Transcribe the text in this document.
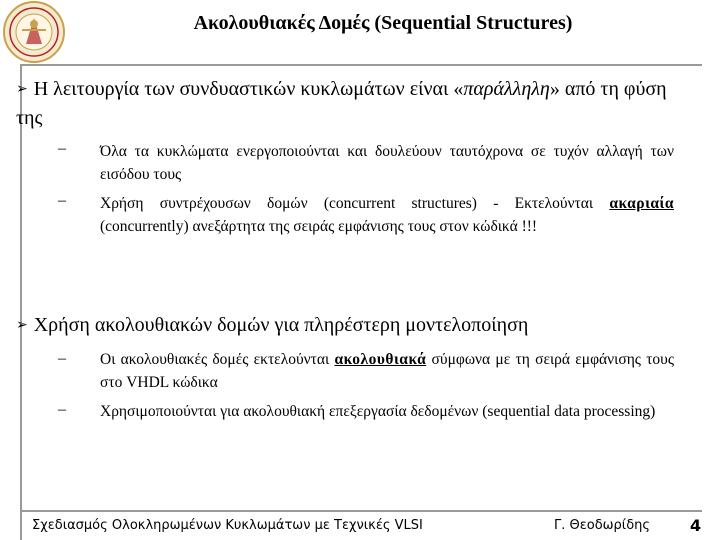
Ακολουθιακές Δομές (Sequential Structures)
➢ Η λειτουργία των συνδυαστικών κυκλωμάτων είναι «παράλληλη» από τη φύση της
– Όλα τα κυκλώματα ενεργοποιούνται και δουλεύουν ταυτόχρονα σε τυχόν αλλαγή των εισόδου τους
– Χρήση συντρέχουσων δομών (concurrent structures) - Εκτελούνται ακαριαία (concurrently) ανεξάρτητα της σειράς εμφάνισης τους στον κώδικά !!!
➢ Χρήση ακολουθιακών δομών για πληρέστερη μοντελοποίηση
– Οι ακολουθιακές δομές εκτελούνται ακολουθιακά σύμφωνα με τη σειρά εμφάνισης τους στο VHDL κώδικα
– Χρησιμοποιούνται για ακολουθιακή επεξεργασία δεδομένων (sequential data processing)
Σχεδιασμός Ολοκληρωμένων Κυκλωμάτων με Τεχνικές VLSI	Γ. Θεοδωρίδης 4
